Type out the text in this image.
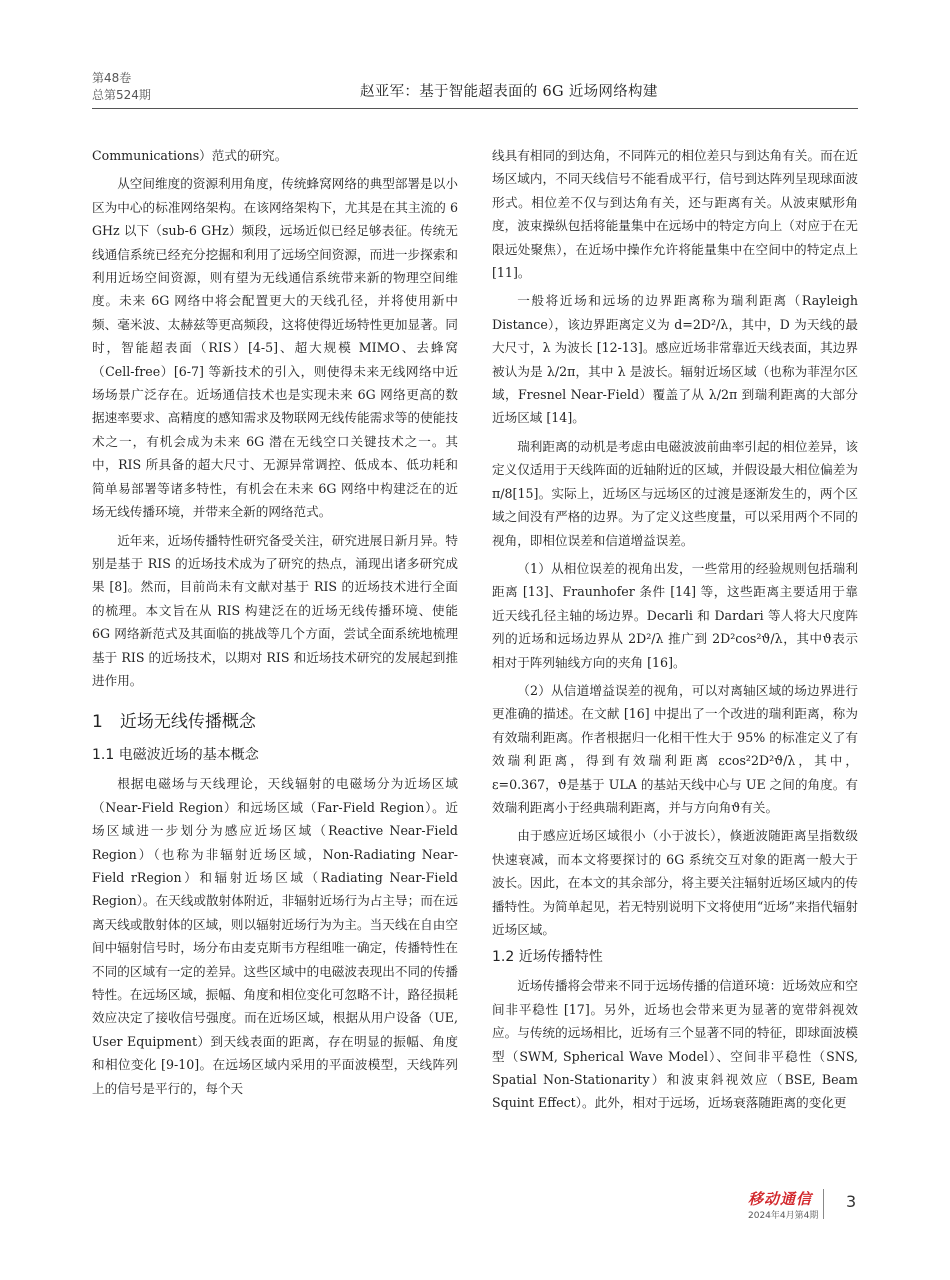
第48卷
总第524期	赵亚军：基于智能超表面的 6G 近场网络构建

Communications）范式的研究。

从空间维度的资源利用角度，传统蜂窝网络的典型部署是以小区为中心的标准网络架构。在该网络架构下，尤其是在其主流的 6 GHz 以下（sub-6 GHz）频段，远场近似已经足够表征。传统无线通信系统已经充分挖掘和利用了远场空间资源，而进一步探索和利用近场空间资源，则有望为无线通信系统带来新的物理空间维度。未来 6G 网络中将会配置更大的天线孔径，并将使用新中频、毫米波、太赫兹等更高频段，这将使得近场特性更加显著。同时，智能超表面（RIS）[4-5]、超大规模 MIMO、去蜂窝（Cell-free）[6-7] 等新技术的引入，则使得未来无线网络中近场场景广泛存在。近场通信技术也是实现未来 6G 网络更高的数据速率要求、高精度的感知需求及物联网无线传能需求等的使能技术之一，有机会成为未来 6G 潜在无线空口关键技术之一。其中，RIS 所具备的超大尺寸、无源异常调控、低成本、低功耗和简单易部署等诸多特性，有机会在未来 6G 网络中构建泛在的近场无线传播环境，并带来全新的网络范式。

近年来，近场传播特性研究备受关注，研究进展日新月异。特别是基于 RIS 的近场技术成为了研究的热点，涌现出诸多研究成果 [8]。然而，目前尚未有文献对基于 RIS 的近场技术进行全面的梳理。本文旨在从 RIS 构建泛在的近场无线传播环境、使能 6G 网络新范式及其面临的挑战等几个方面，尝试全面系统地梳理基于 RIS 的近场技术，以期对 RIS 和近场技术研究的发展起到推进作用。

1　近场无线传播概念
1.1 电磁波近场的基本概念

根据电磁场与天线理论，天线辐射的电磁场分为近场区域（Near-Field Region）和远场区域（Far-Field Region）。近场区域进一步划分为感应近场区域（Reactive Near-Field Region）（也称为非辐射近场区域，Non-Radiating Near-Field rRegion）和辐射近场区域（Radiating Near-Field Region）。在天线或散射体附近，非辐射近场行为占主导；而在远离天线或散射体的区域，则以辐射近场行为为主。当天线在自由空间中辐射信号时，场分布由麦克斯韦方程组唯一确定，传播特性在不同的区域有一定的差异。这些区域中的电磁波表现出不同的传播特性。在远场区域，振幅、角度和相位变化可忽略不计，路径损耗效应决定了接收信号强度。而在近场区域，根据从用户设备（UE, User Equipment）到天线表面的距离，存在明显的振幅、角度和相位变化 [9-10]。在远场区域内采用的平面波模型，天线阵列上的信号是平行的，每个天

线具有相同的到达角，不同阵元的相位差只与到达角有关。而在近场区域内，不同天线信号不能看成平行，信号到达阵列呈现球面波形式。相位差不仅与到达角有关，还与距离有关。从波束赋形角度，波束操纵包括将能量集中在远场中的特定方向上（对应于在无限远处聚焦），在近场中操作允许将能量集中在空间中的特定点上 [11]。

一般将近场和远场的边界距离称为瑞利距离（Rayleigh Distance），该边界距离定义为 d=2D²/λ，其中，D 为天线的最大尺寸，λ 为波长 [12-13]。感应近场非常靠近天线表面，其边界被认为是 λ/2π，其中 λ 是波长。辐射近场区域（也称为菲涅尔区域，Fresnel Near-Field）覆盖了从 λ/2π 到瑞利距离的大部分近场区域 [14]。

瑞利距离的动机是考虑由电磁波波前曲率引起的相位差异，该定义仅适用于天线阵面的近轴附近的区域，并假设最大相位偏差为 π/8[15]。实际上，近场区与远场区的过渡是逐渐发生的，两个区域之间没有严格的边界。为了定义这些度量，可以采用两个不同的视角，即相位误差和信道增益误差。

（1）从相位误差的视角出发，一些常用的经验规则包括瑞利距离 [13]、Fraunhofer 条件 [14] 等，这些距离主要适用于靠近天线孔径主轴的场边界。Decarli 和 Dardari 等人将大尺度阵列的近场和远场边界从 2D²/λ 推广到 2D²cos²ϑ/λ，其中ϑ表示相对于阵列轴线方向的夹角 [16]。

（2）从信道增益误差的视角，可以对离轴区域的场边界进行更准确的描述。在文献 [16] 中提出了一个改进的瑞利距离，称为有效瑞利距离。作者根据归一化相干性大于 95% 的标准定义了有效瑞利距离，得到有效瑞利距离 εcos²2D²ϑ/λ，其中，ε=0.367，ϑ是基于 ULA 的基站天线中心与 UE 之间的角度。有效瑞利距离小于经典瑞利距离，并与方向角ϑ有关。

由于感应近场区域很小（小于波长），倏逝波随距离呈指数级快速衰减，而本文将要探讨的 6G 系统交互对象的距离一般大于波长。因此，在本文的其余部分，将主要关注辐射近场区域内的传播特性。为简单起见，若无特别说明下文将使用“近场”来指代辐射近场区域。

1.2 近场传播特性

近场传播将会带来不同于远场传播的信道环境：近场效应和空间非平稳性 [17]。另外，近场也会带来更为显著的宽带斜视效应。与传统的远场相比，近场有三个显著不同的特征，即球面波模型（SWM, Spherical Wave Model）、空间非平稳性（SNS, Spatial Non-Stationarity）和波束斜视效应（BSE, Beam Squint Effect）。此外，相对于远场，近场衰落随距离的变化更

移动通信
2024年4月第4期
3
